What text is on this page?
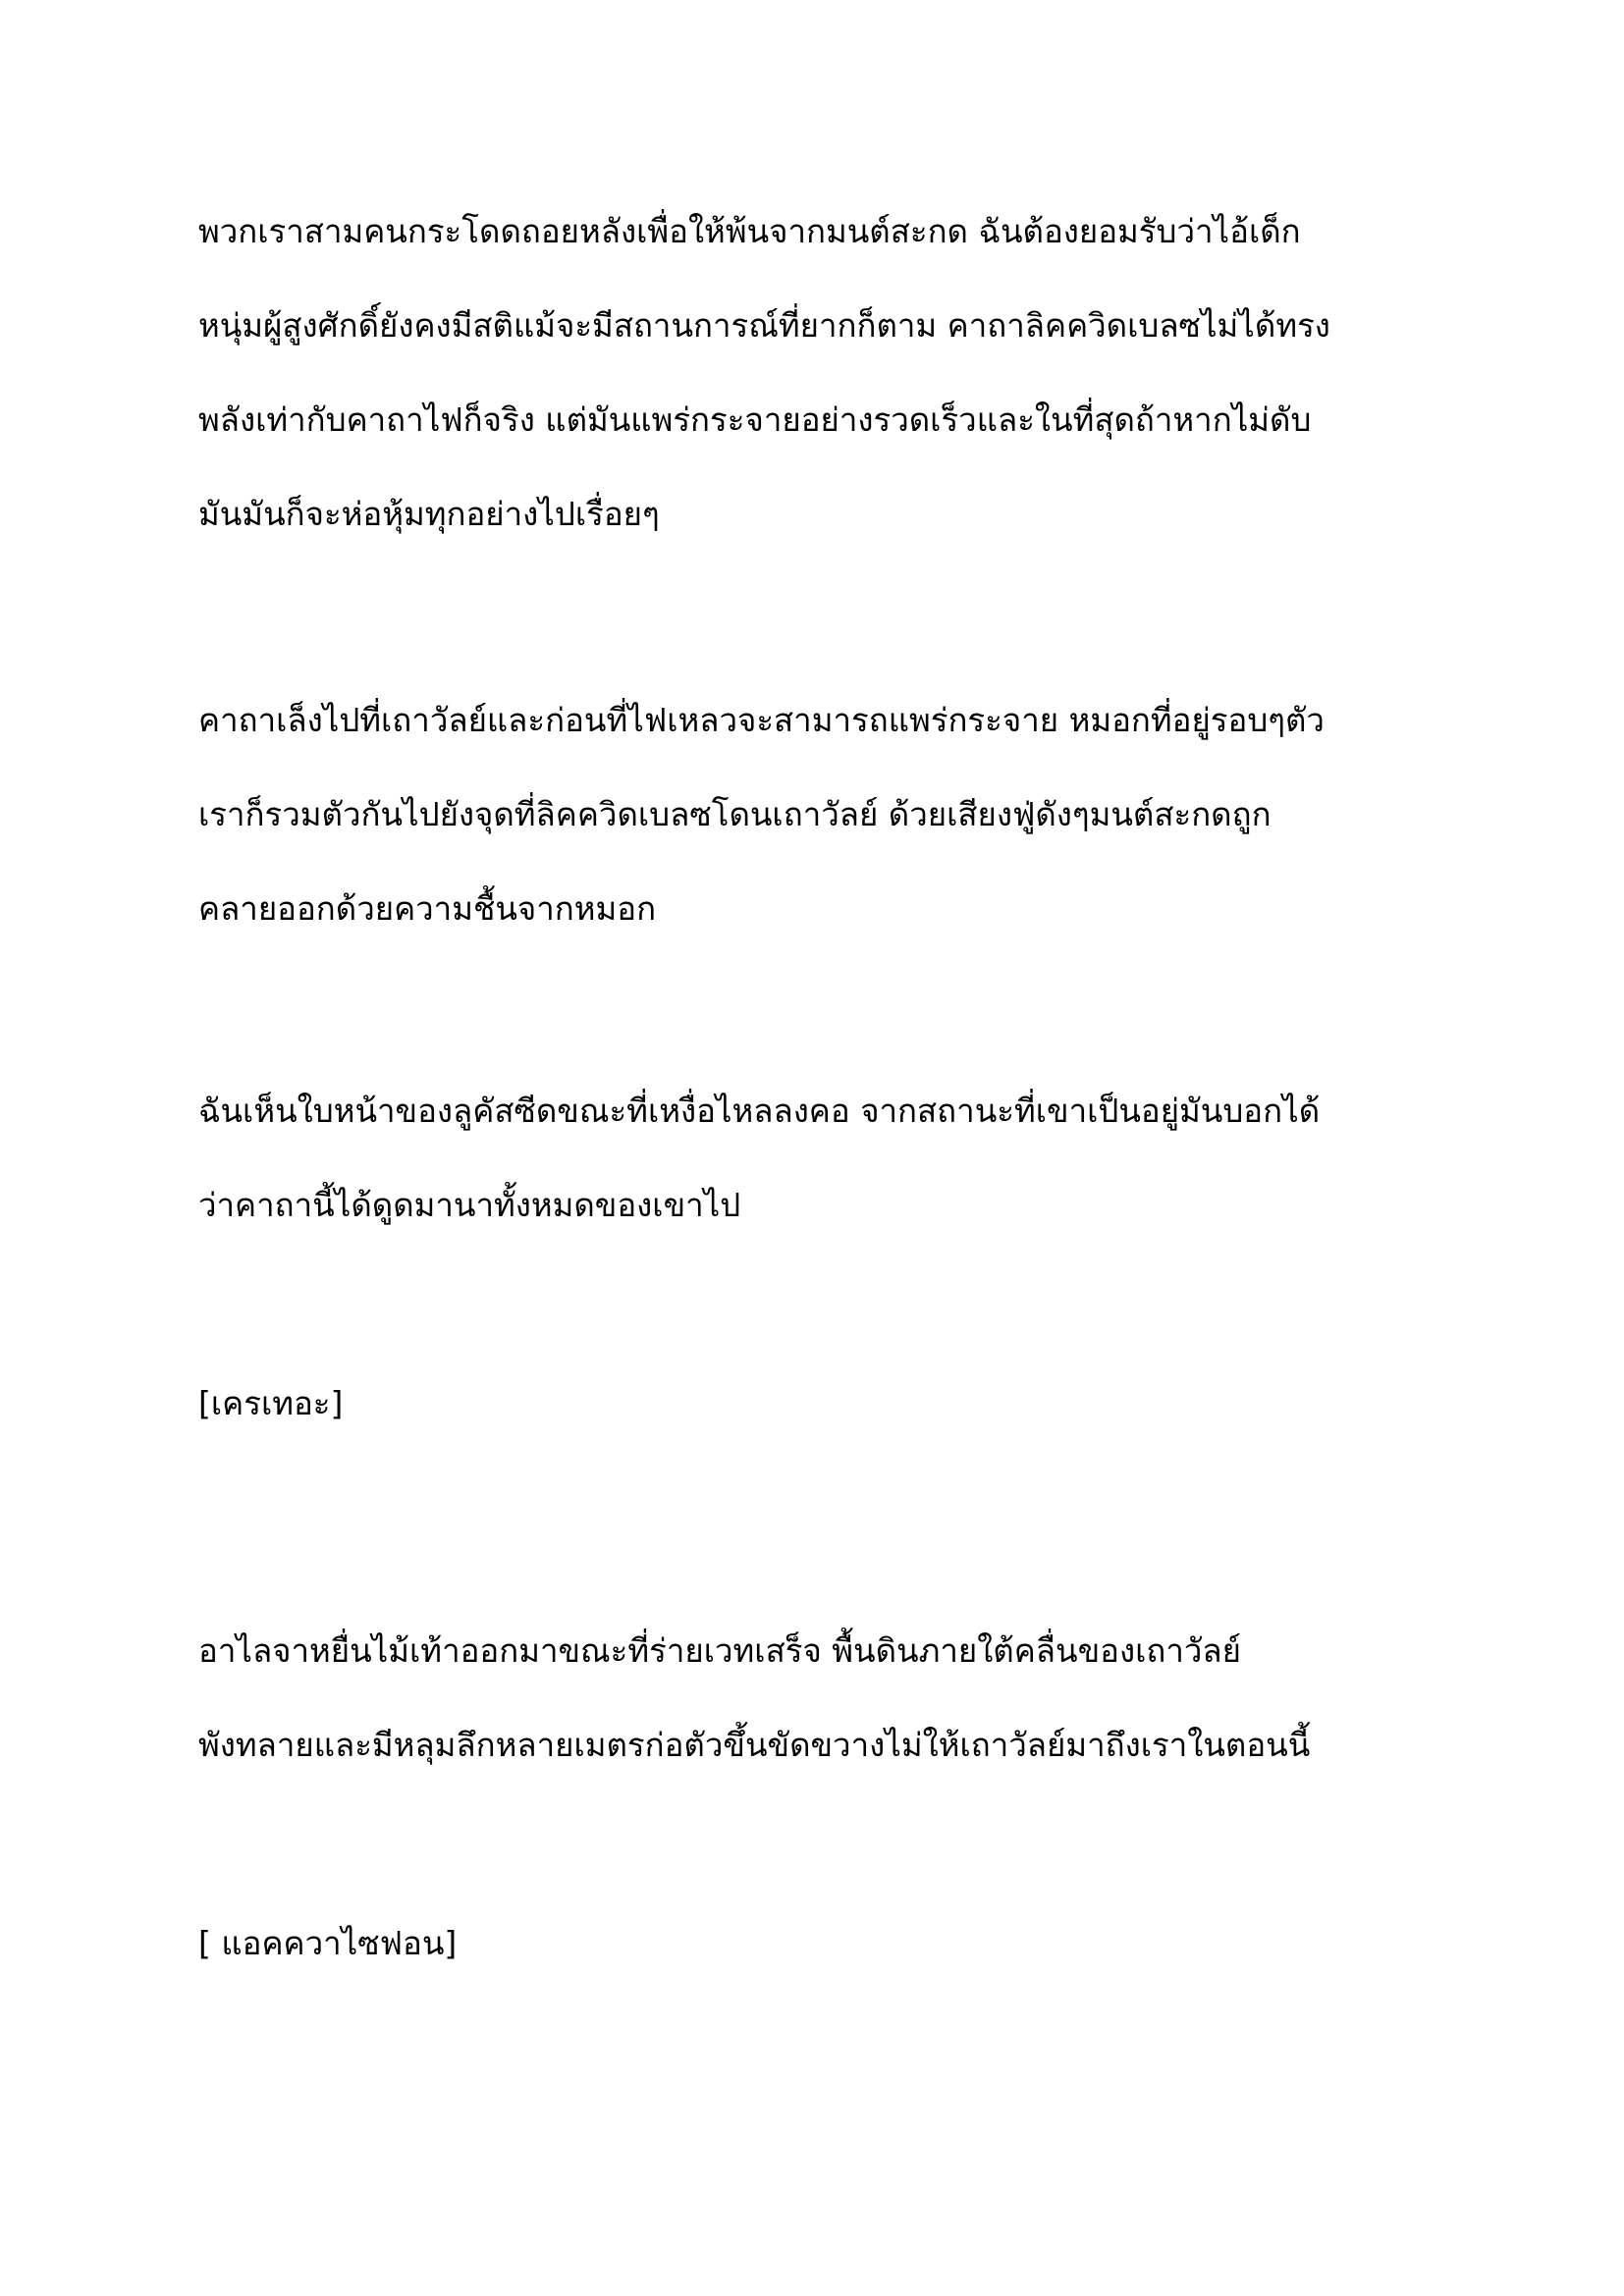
พวกเราสามคนกระโดดถอยหลังเพื่อให้พ้นจากมนต์สะกด ฉันต้องยอมรับว่าไอ้เด็ก
หนุ่มผู้สูงศักดิ์ยังคงมีสติแม้จะมีสถานการณ์ที่ยากก็ตาม คาถาลิคควิดเบลซไม่ได้ทรง
พลังเท่ากับคาถาไฟก็จริง แต่มันแพร่กระจายอย่างรวดเร็วและในที่สุดถ้าหากไม่ดับ
มันมันก็จะห่อหุ้มทุกอย่างไปเรื่อยๆ

คาถาเล็งไปที่เถาวัลย์และก่อนที่ไฟเหลวจะสามารถแพร่กระจาย หมอกที่อยู่รอบๆตัว
เราก็รวมตัวกันไปยังจุดที่ลิคควิดเบลซโดนเถาวัลย์ ด้วยเสียงฟู่ดังๆมนต์สะกดถูก
คลายออกด้วยความชื้นจากหมอก

ฉันเห็นใบหน้าของลูคัสซีดขณะที่เหงื่อไหลลงคอ จากสถานะที่เขาเป็นอยู่มันบอกได้
ว่าคาถานี้ได้ดูดมานาทั้งหมดของเขาไป

[เครเทอะ]

อาไลจาหยื่นไม้เท้าออกมาขณะที่ร่ายเวทเสร็จ พื้นดินภายใต้คลื่นของเถาวัลย์
พังทลายและมีหลุมลึกหลายเมตรก่อตัวขึ้นขัดขวางไม่ให้เถาวัลย์มาถึงเราในตอนนี้

[ แอคควาไซฟอน]
